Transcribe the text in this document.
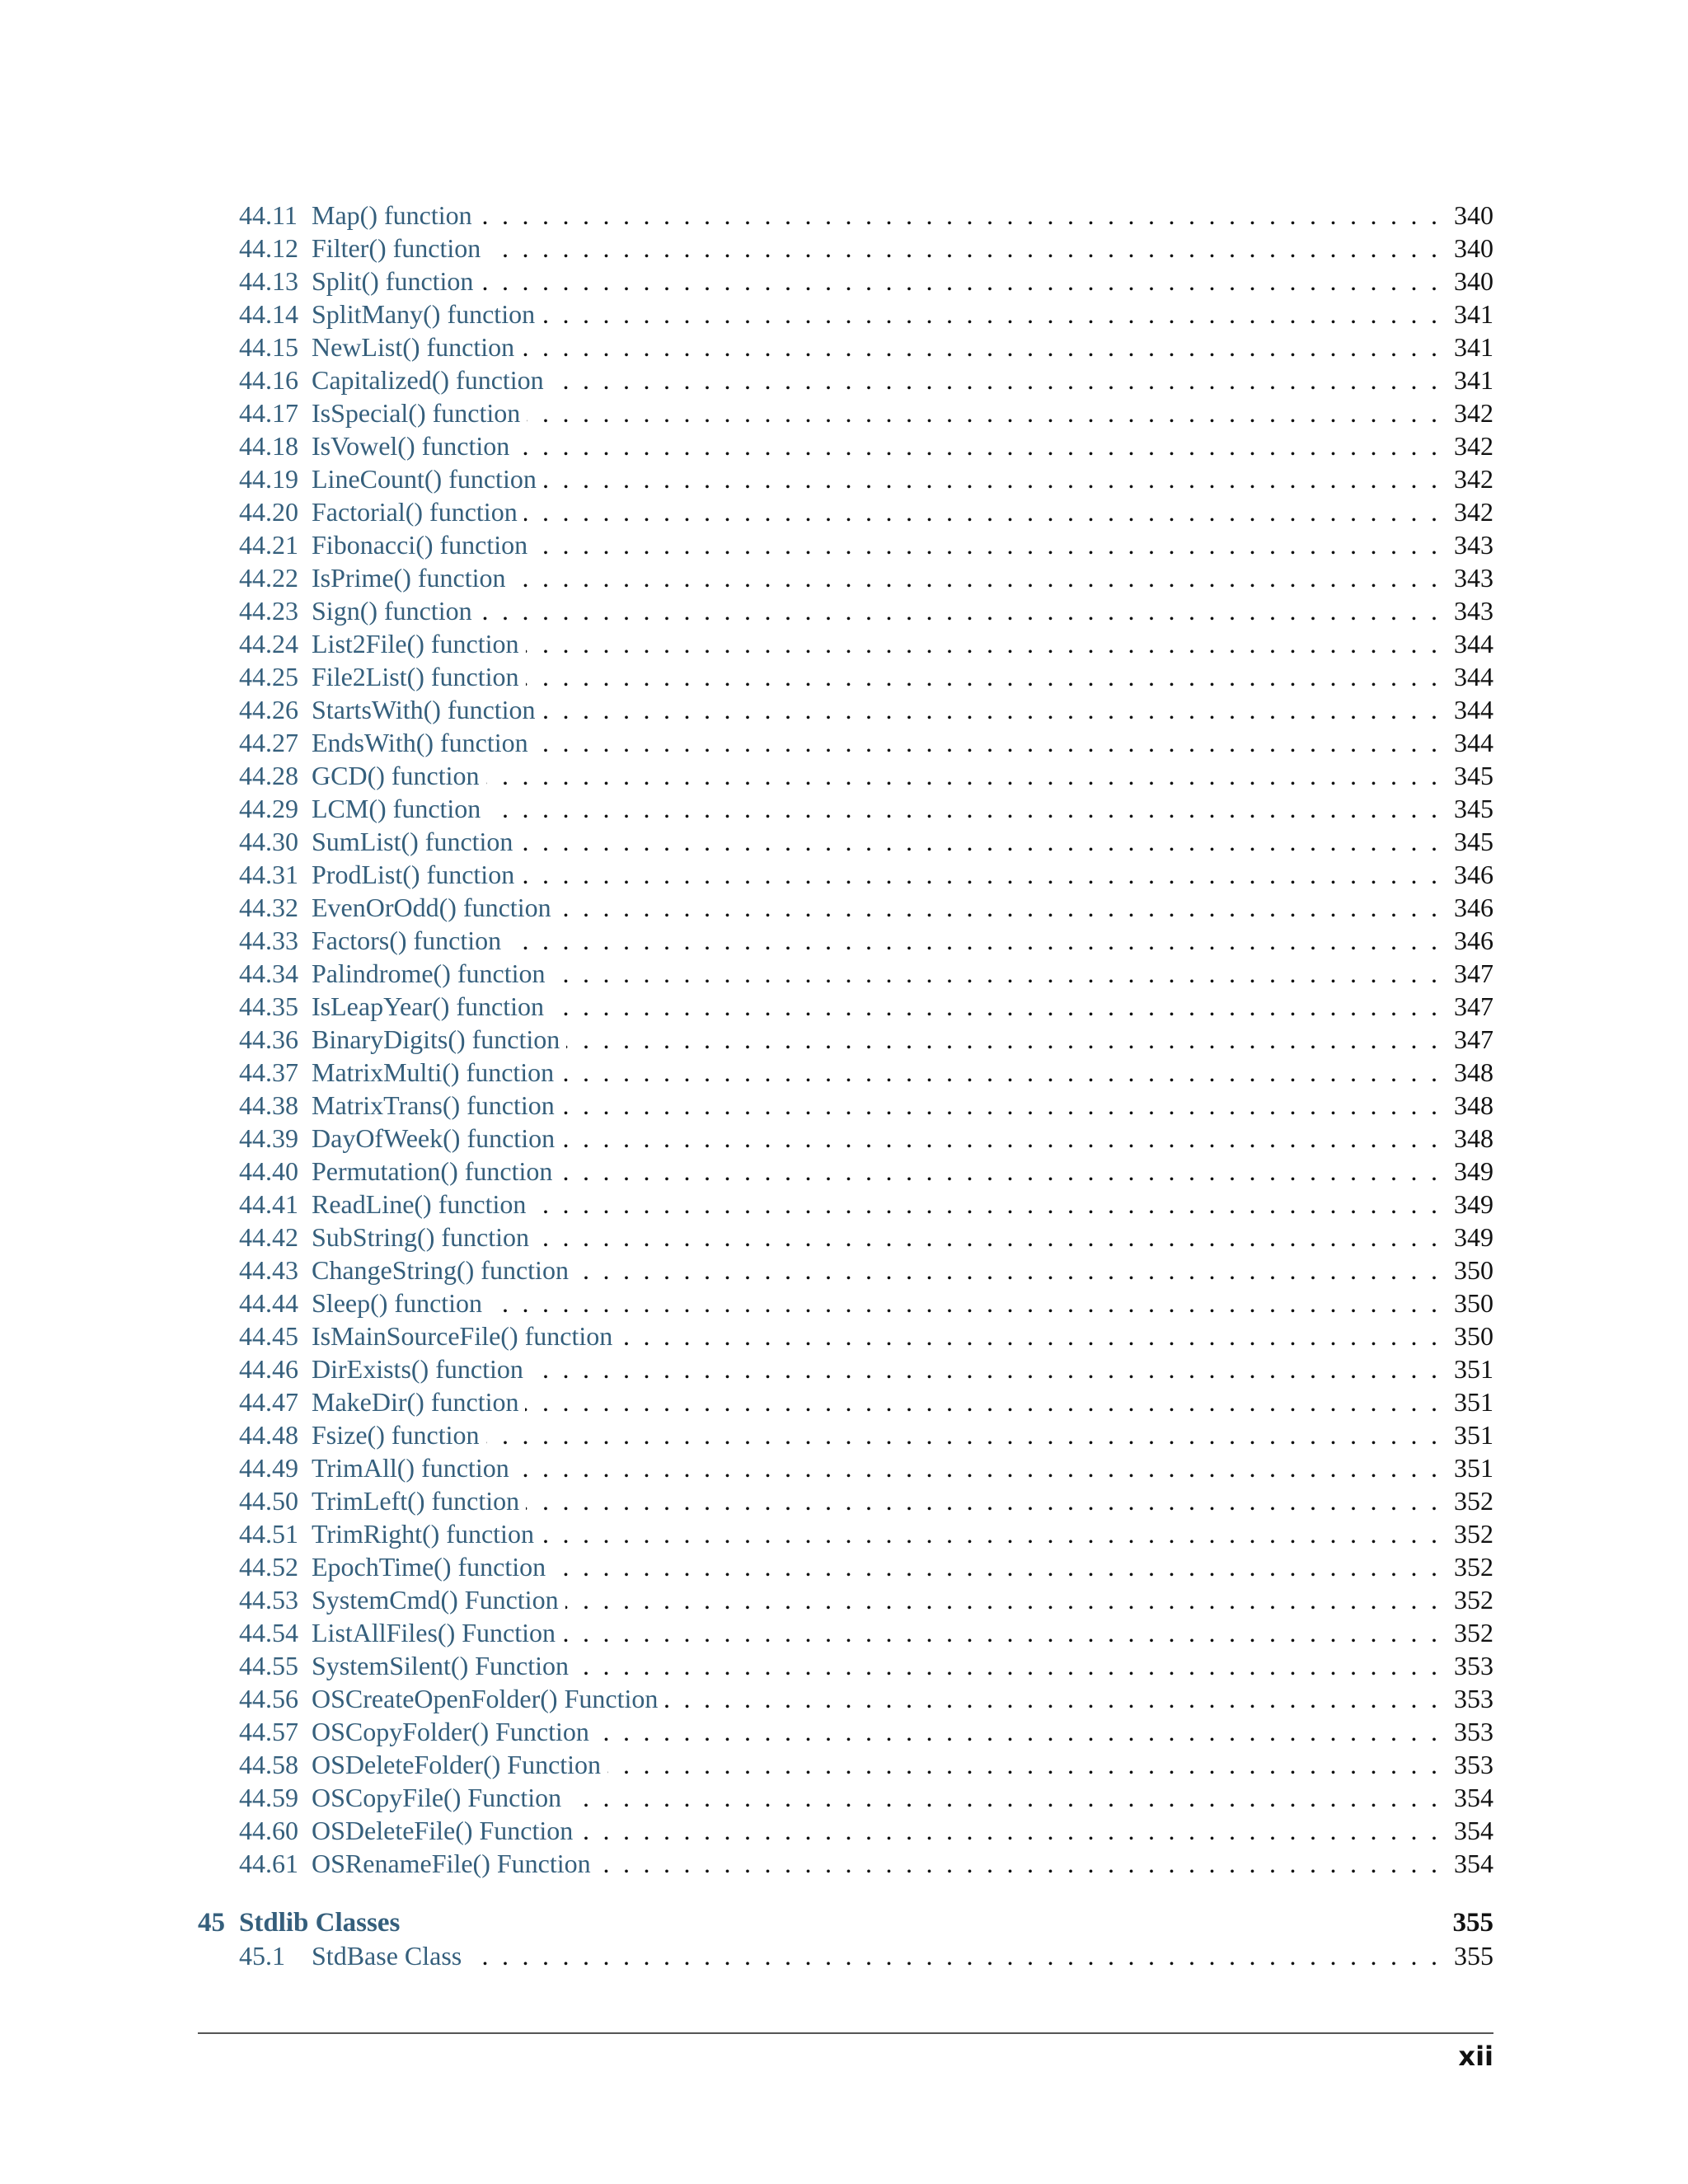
44.11 Map() function . . .	340
44.12 Filter() function . . .	340
44.13 Split() function . . .	340
44.14 SplitMany() function . . .	341
44.15 NewList() function . . .	341
44.16 Capitalized() function . . .	341
44.17 IsSpecial() function . . .	342
44.18 IsVowel() function . . .	342
44.19 LineCount() function . . .	342
44.20 Factorial() function . . .	342
44.21 Fibonacci() function . . .	343
44.22 IsPrime() function . . .	343
44.23 Sign() function . . .	343
44.24 List2File() function . . .	344
44.25 File2List() function . . .	344
44.26 StartsWith() function . . .	344
44.27 EndsWith() function . . .	344
44.28 GCD() function . . .	345
44.29 LCM() function . . .	345
44.30 SumList() function . . .	345
44.31 ProdList() function . . .	346
44.32 EvenOrOdd() function . . .	346
44.33 Factors() function . . .	346
44.34 Palindrome() function . . .	347
44.35 IsLeapYear() function . . .	347
44.36 BinaryDigits() function . . .	347
44.37 MatrixMulti() function . . .	348
44.38 MatrixTrans() function . . .	348
44.39 DayOfWeek() function . . .	348
44.40 Permutation() function . . .	349
44.41 ReadLine() function . . .	349
44.42 SubString() function . . .	349
44.43 ChangeString() function . . .	350
44.44 Sleep() function . . .	350
44.45 IsMainSourceFile() function . . .	350
44.46 DirExists() function . . .	351
44.47 MakeDir() function . . .	351
44.48 Fsize() function . . .	351
44.49 TrimAll() function . . .	351
44.50 TrimLeft() function . . .	352
44.51 TrimRight() function . . .	352
44.52 EpochTime() function . . .	352
44.53 SystemCmd() Function . . .	352
44.54 ListAllFiles() Function . . .	352
44.55 SystemSilent() Function . . .	353
44.56 OSCreateOpenFolder() Function . . .	353
44.57 OSCopyFolder() Function . . .	353
44.58 OSDeleteFolder() Function . . .	353
44.59 OSCopyFile() Function . . .	354
44.60 OSDeleteFile() Function . . .	354
44.61 OSRenameFile() Function . . .	354
45 Stdlib Classes	355
45.1 StdBase Class . . .	355
xii
